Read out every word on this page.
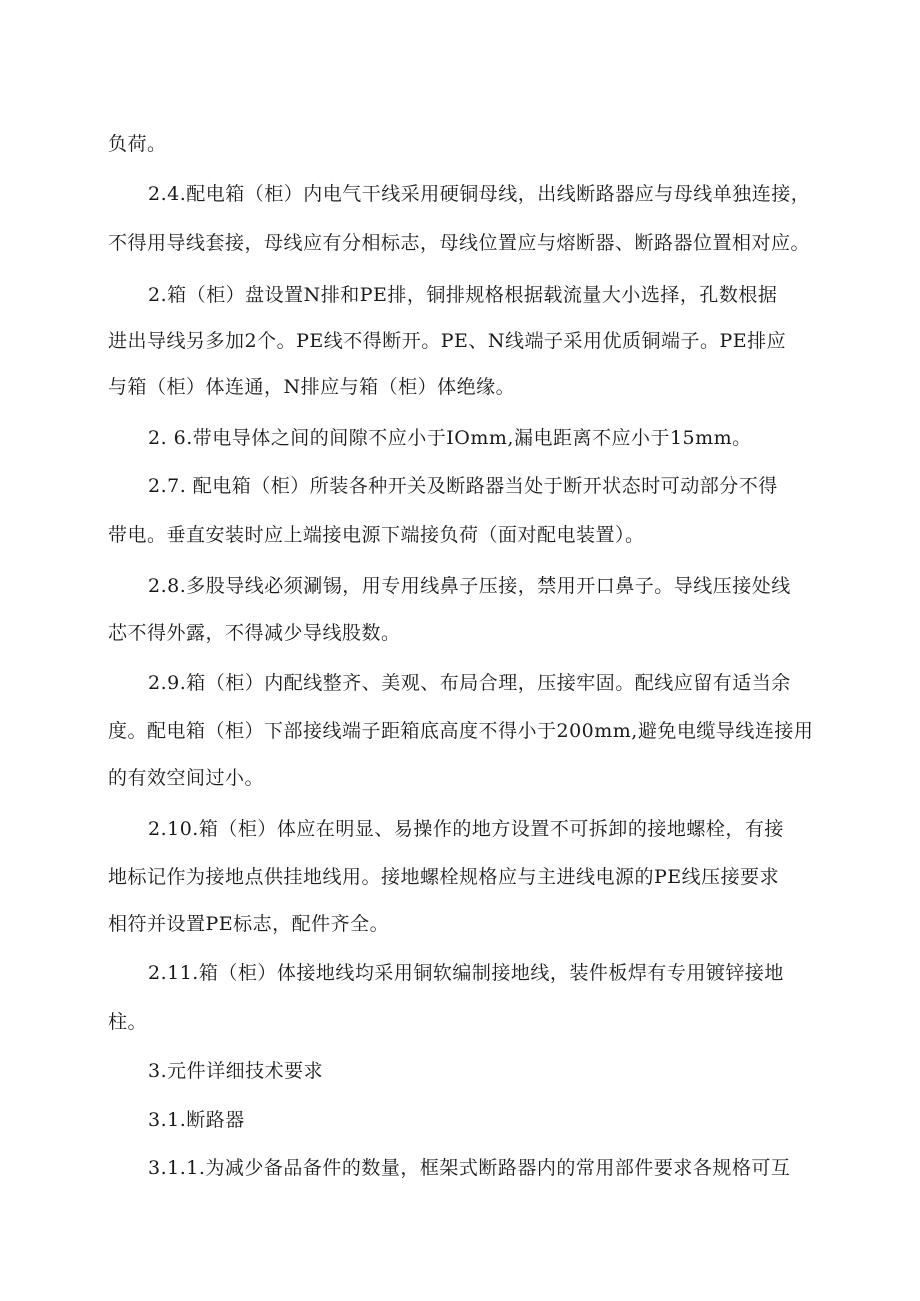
负荷。
2.4.配电箱（柜）内电气干线采用硬铜母线，出线断路器应与母线单独连接，
不得用导线套接，母线应有分相标志，母线位置应与熔断器、断路器位置相对应。
2.箱（柜）盘设置N排和PE排，铜排规格根据载流量大小选择，孔数根据
进出导线另多加2个。PE线不得断开。PE、N线端子采用优质铜端子。PE排应
与箱（柜）体连通，N排应与箱（柜）体绝缘。
2. 6.带电导体之间的间隙不应小于IOmm,漏电距离不应小于15mm。
2.7. 配电箱（柜）所装各种开关及断路器当处于断开状态时可动部分不得
带电。垂直安装时应上端接电源下端接负荷（面对配电装置）。
2.8.多股导线必须涮锡，用专用线鼻子压接，禁用开口鼻子。导线压接处线
芯不得外露，不得减少导线股数。
2.9.箱（柜）内配线整齐、美观、布局合理，压接牢固。配线应留有适当余
度。配电箱（柜）下部接线端子距箱底高度不得小于200mm,避免电缆导线连接用
的有效空间过小。
2.10.箱（柜）体应在明显、易操作的地方设置不可拆卸的接地螺栓，有接
地标记作为接地点供挂地线用。接地螺栓规格应与主进线电源的PE线压接要求
相符并设置PE标志，配件齐全。
2.11.箱（柜）体接地线均采用铜软编制接地线，装件板焊有专用镀锌接地
柱。
3.元件详细技术要求
3.1.断路器
3.1.1.为减少备品备件的数量，框架式断路器内的常用部件要求各规格可互
